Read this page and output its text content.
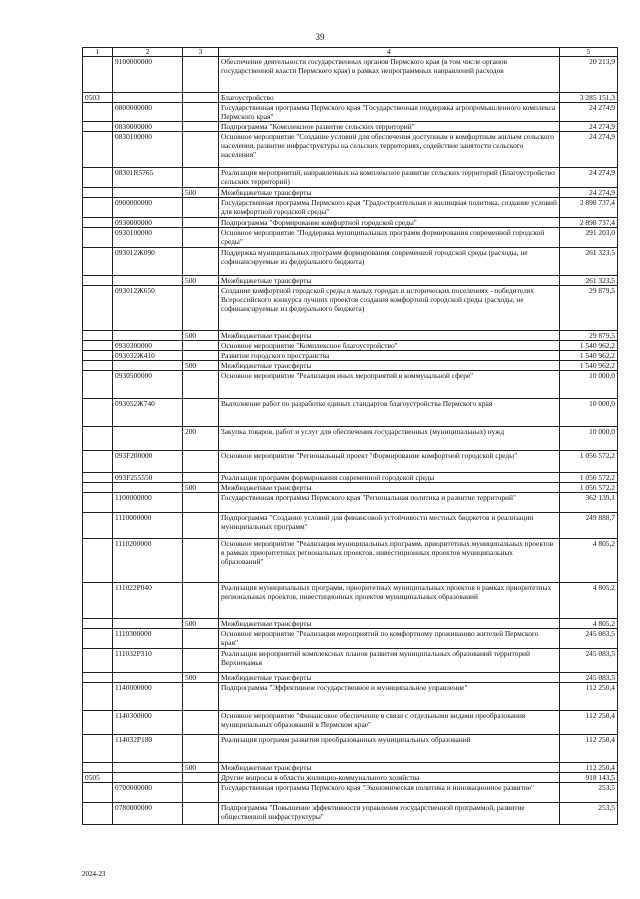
39
1	2	3	4	5
	9100000000		Обеспечение деятельности государственных органов Пермского края (в том числе органов государственной власти Пермского края) в рамках непрограммных направлений расходов	20 213,9
0503			Благоустройство	3 285 151,3
	0800000000		Государственная программа Пермского края "Государственная поддержка агропромышленного комплекса Пермского края"	24 274,9
	0830000000		Подпрограмма "Комплексное развитие сельских территорий"	24 274,9
	0830100000		Основное мероприятие "Создание условий для обеспечения доступным и комфортным жильем сельского населения, развитие инфраструктуры на сельских территориях, содействие занятости сельского населения"	24 274,9
	08301R5765		Реализация мероприятий, направленных на комплексное развитие сельских территорий (Благоустройство сельских территорий)	24 274,9
		500	Межбюджетные трансферты	24 274,9
	0900000000		Государственная программа Пермского края "Градостроительная и жилищная политика, создание условий для комфортной городской среды"	2 898 737,4
	0930000000		Подпрограмма "Формирование комфортной городской среды"	2 898 737,4
	0930100000		Основное мероприятие "Поддержка муниципальных программ формирования современной городской среды"	291 203,0
	093012Ж090		Поддержка муниципальных программ формирования современной городской среды (расходы, не софинансируемые из федерального бюджета)	261 323,5
		500	Межбюджетные трансферты	261 323,5
	093012Ж650		Создание комфортной городской среды в малых городах и исторических поселениях - победителях Всероссийского конкурса лучших проектов создания комфортной городской среды (расходы, не софинансируемые из федерального бюджета)	29 879,5
		500	Межбюджетные трансферты	29 879,5
	0930300000		Основное мероприятие "Комплексное благоустройство"	1 540 962,2
	093032Ж410		Развитие городского пространства	1 540 962,2
		500	Межбюджетные трансферты	1 540 962,2
	0930500000		Основное мероприятие "Реализация иных мероприятий в коммунальной сфере"	10 000,0
	093052Ж740		Выполнение работ по разработке единых стандартов благоустройства Пермского края	10 000,0
		200	Закупка товаров, работ и услуг для обеспечения государственных (муниципальных) нужд	10 000,0
	093F200000		Основное мероприятие "Региональный проект "Формирование комфортной городской среды"	1 056 572,2
	093F255550		Реализация программ формирования современной городской среды	1 056 572,2
		500	Межбюджетные трансферты	1 056 572,2
	1100000000		Государственная программа Пермского края "Региональная политика и развитие территорий"	362 139,1
	1110000000		Подпрограмма "Создание условий для финансовой устойчивости местных бюджетов и реализации муниципальных программ"	249 888,7
	1110200000		Основное мероприятие "Реализация муниципальных программ, приоритетных муниципальных проектов в рамках приоритетных региональных проектов, инвестиционных проектов муниципальных образований"	4 805,2
	111022Р040		Реализация муниципальных программ, приоритетных муниципальных проектов в рамках приоритетных региональных проектов, инвестиционных проектов муниципальных образований	4 805,2
		500	Межбюджетные трансферты	4 805,2
	1110300000		Основное мероприятие "Реализация мероприятий по комфортному проживанию жителей Пермского края"	245 083,5
	111032Р310		Реализация мероприятий комплексных планов развития муниципальных образований территорий Верхнекамья	245 083,5
		500	Межбюджетные трансферты	245 083,5
	1140000000		Подпрограмма "Эффективное государственное и муниципальное управление"	112 250,4
	1140300000		Основное мероприятие "Финансовое обеспечение в связи с отдельными видами преобразования муниципальных образований в Пермском крае"	112 250,4
	114032Р180		Реализация программ развития преобразованных муниципальных образований	112 250,4
		500	Межбюджетные трансферты	112 250,4
0505			Другие вопросы в области жилищно-коммунального хозяйства	918 143,5
	0700000000		Государственная программа Пермского края "Экономическая политика и инновационное развитие"	253,5
	0780000000		Подпрограмма "Повышение эффективности управления государственной программой, развитие общественной инфраструктуры"	253,5
2024-23
